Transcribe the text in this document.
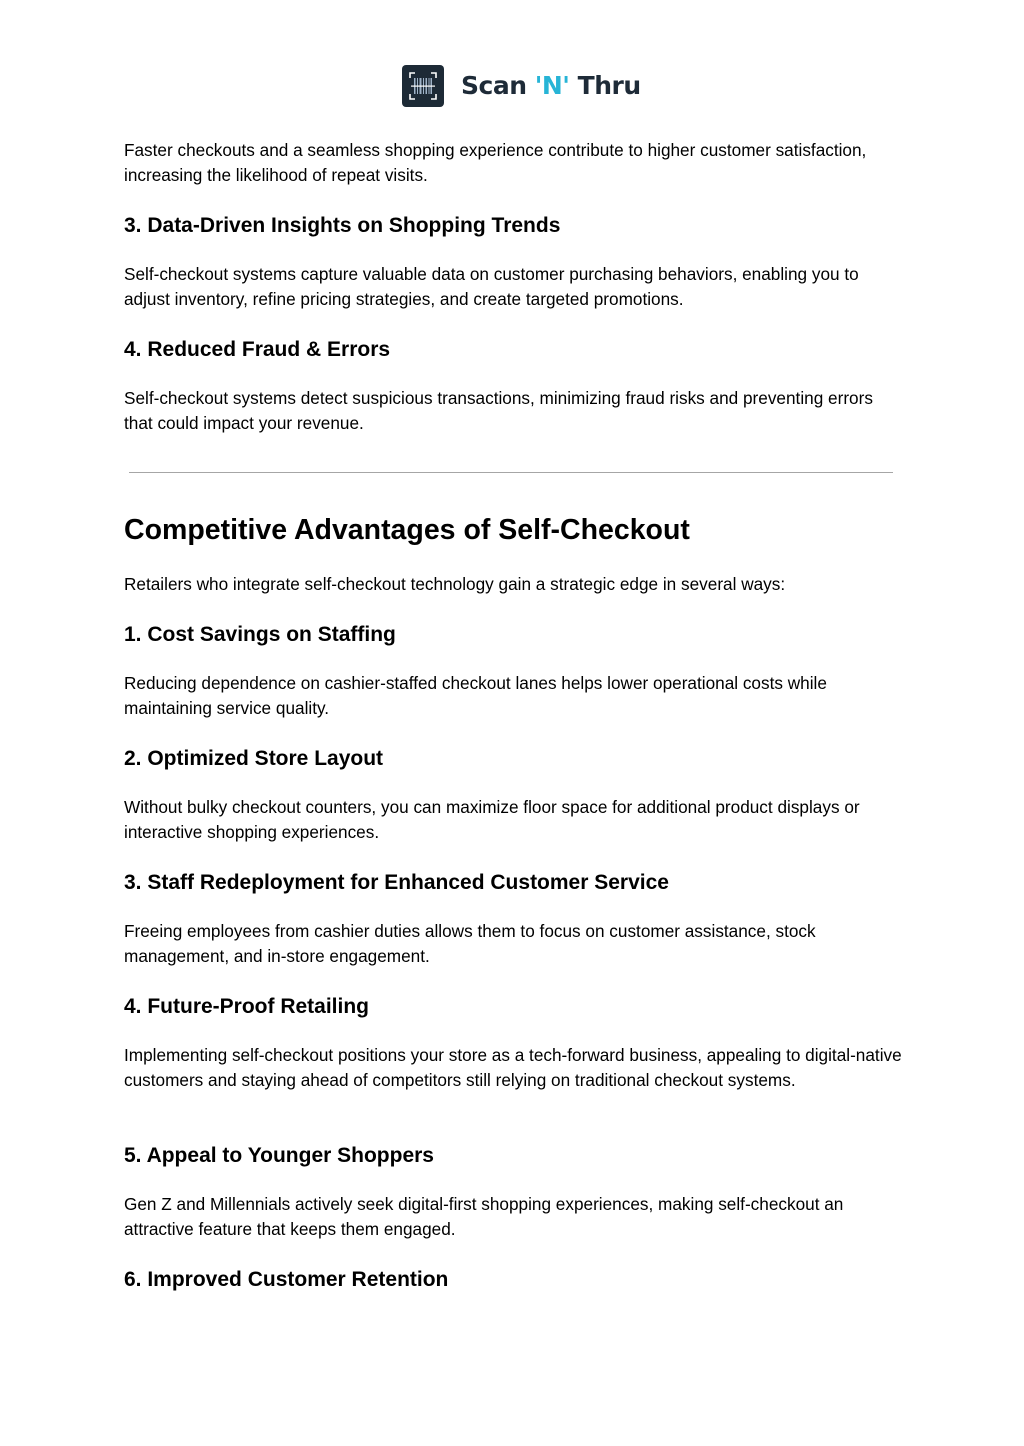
Scan 'N' Thru

Faster checkouts and a seamless shopping experience contribute to higher customer satisfaction, increasing the likelihood of repeat visits.

3. Data-Driven Insights on Shopping Trends

Self-checkout systems capture valuable data on customer purchasing behaviors, enabling you to adjust inventory, refine pricing strategies, and create targeted promotions.

4. Reduced Fraud & Errors

Self-checkout systems detect suspicious transactions, minimizing fraud risks and preventing errors that could impact your revenue.

Competitive Advantages of Self-Checkout

Retailers who integrate self-checkout technology gain a strategic edge in several ways:

1. Cost Savings on Staffing

Reducing dependence on cashier-staffed checkout lanes helps lower operational costs while maintaining service quality.

2. Optimized Store Layout

Without bulky checkout counters, you can maximize floor space for additional product displays or interactive shopping experiences.

3. Staff Redeployment for Enhanced Customer Service

Freeing employees from cashier duties allows them to focus on customer assistance, stock management, and in-store engagement.

4. Future-Proof Retailing

Implementing self-checkout positions your store as a tech-forward business, appealing to digital-native customers and staying ahead of competitors still relying on traditional checkout systems.

5. Appeal to Younger Shoppers

Gen Z and Millennials actively seek digital-first shopping experiences, making self-checkout an attractive feature that keeps them engaged.

6. Improved Customer Retention
